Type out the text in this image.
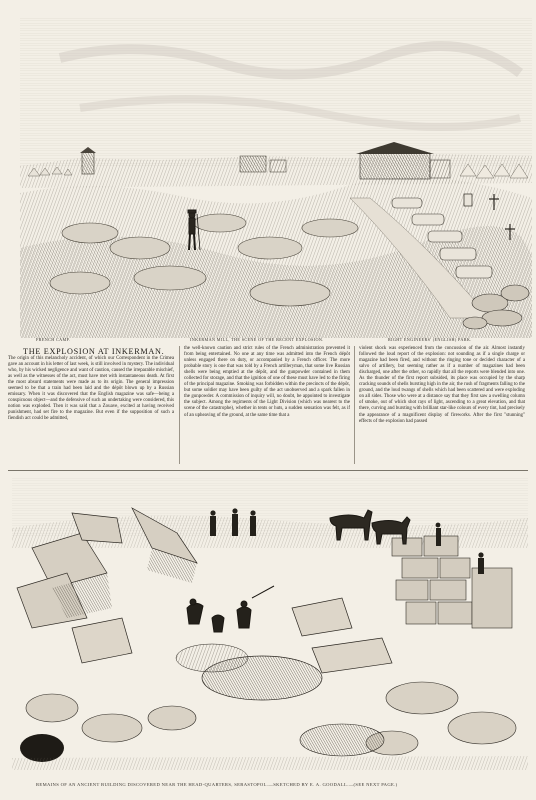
FRENCH CAMP.	INKERMAN MILL, THE SCENE OF THE RECENT EXPLOSION.	RIGHT ENGINEERS' (ENGLISH) PARK.
THE EXPLOSION AT INKERMAN.
The origin of this melancholy accident, of which our Correspondent in the Crimea gave an account in his letter of last week, is still involved in mystery. The individual who, by his wicked negligence and want of caution, caused the irreparable mischief, as well as the witnesses of the act, must have met with instantaneous death. At first the most absurd statements were made as to its origin. The general impression seemed to be that a train had been laid and the dépôt blown up by a Russian emissary. When it was discovered that the English magazine was safe—being a conspicuous object—and the defensive of such an undertaking were considered, this notion was exploded. Then it was said that a Zouave, excited at having received punishment, had set fire to the magazine. But even if the supposition of such a fiendish act could be admitted,
the well-known caution and strict rules of the French administration prevented it from being entertained. No one at any time was admitted into the French dépôt unless engaged there on duty, or accompanied by a French officer. The more probable story is one that was told by a French artilleryman, that some live Russian shells were being emptied at the dépôt, and the gunpowder contained in them collected for storage, and that the ignition of one of these must have led to the firing of the principal magazine. Smoking was forbidden within the precincts of the dépôt, but some soldier may have been guilty of the act unobserved and a spark fallen in the gunpowder. A commission of inquiry will, no doubt, be appointed to investigate the subject. Among the regiments of the Light Division (which was nearest to the scene of the catastrophe), whether in tents or huts, a sudden sensation was felt, as if of an upheaving of the ground, at the same time that a
violent shock was experienced from the concussion of the air. Almost instantly followed the loud report of the explosion: not sounding as if a single charge or magazine had been fired, and without the ringing tone or decided character of a salvo of artillery, but seeming rather as if a number of magazines had been discharged, one after the other, so rapidly that all the reports were blended into one. As the thunder of the first report subsided, its place was occupied by the sharp cracking sounds of shells bursting high in the air, the rush of fragments falling to the ground, and the loud twangs of shells which had been scattered and were exploding on all sides. Those who were at a distance say that they first saw a swelling column of smoke, out of which shot rays of light, ascending to a great elevation, and that there, curving and bursting with brilliant star-like colours of every tint, had precisely the appearance of a magnificent display of fireworks. After the first "stunning" effects of the explosion had passed
REMAINS OF AN ANCIENT BUILDING DISCOVERED NEAR THE HEAD-QUARTERS, SEBASTOPOL.—SKETCHED BY E. A. GOODALL.—(SEE NEXT PAGE.)
